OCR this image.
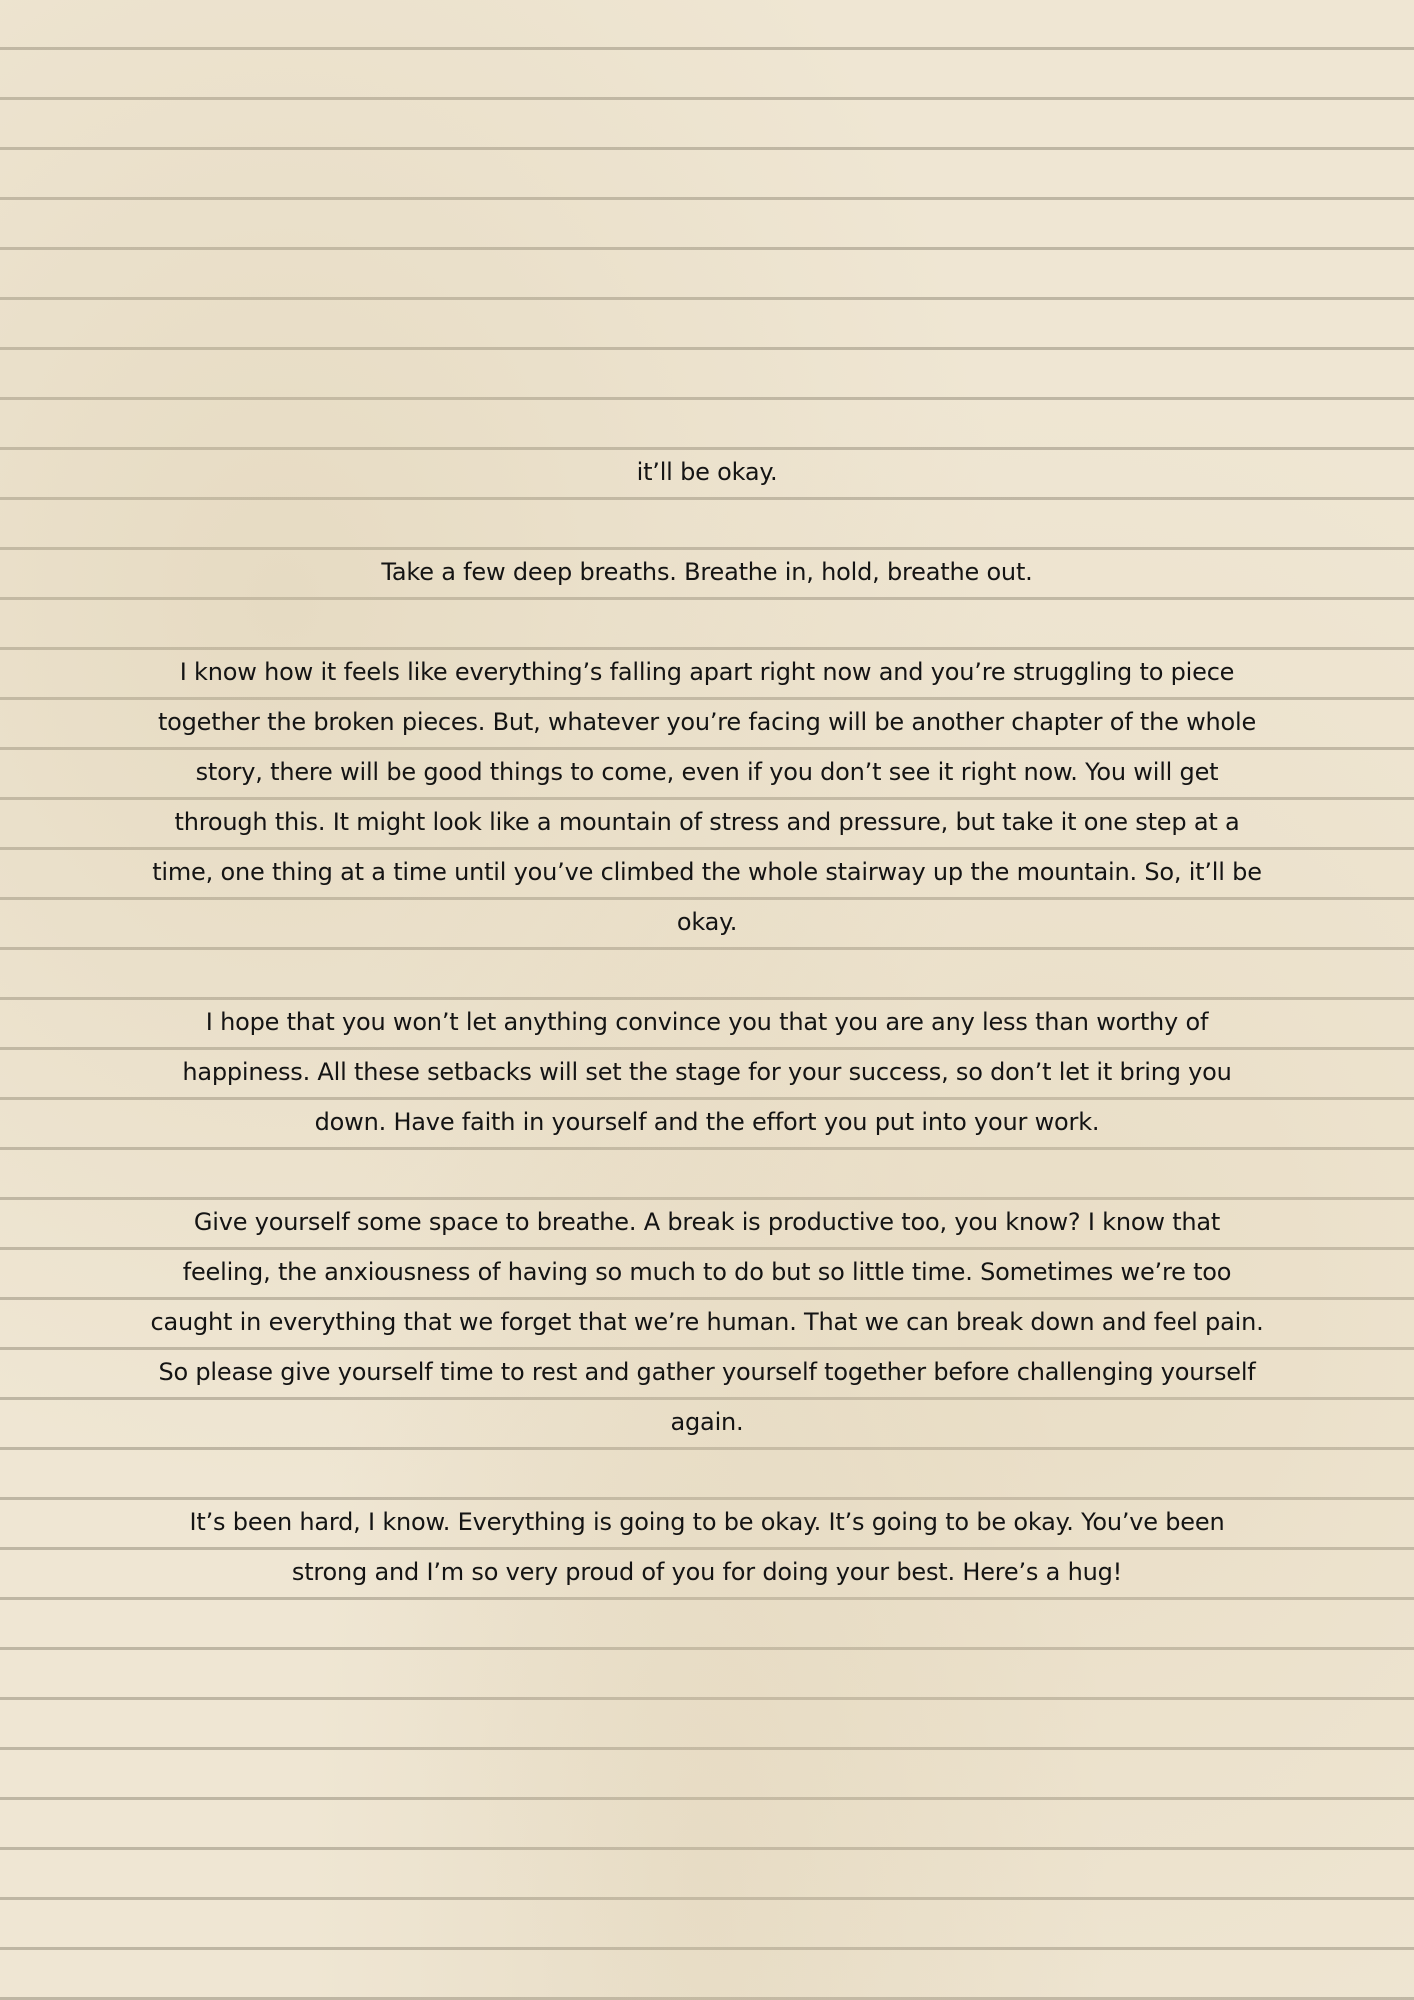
it’ll be okay.

Take a few deep breaths. Breathe in, hold, breathe out.

I know how it feels like everything’s falling apart right now and you’re struggling to piece together the broken pieces. But, whatever you’re facing will be another chapter of the whole story, there will be good things to come, even if you don’t see it right now. You will get through this. It might look like a mountain of stress and pressure, but take it one step at a time, one thing at a time until you’ve climbed the whole stairway up the mountain. So, it’ll be okay.

I hope that you won’t let anything convince you that you are any less than worthy of happiness. All these setbacks will set the stage for your success, so don’t let it bring you down. Have faith in yourself and the effort you put into your work.

Give yourself some space to breathe. A break is productive too, you know? I know that feeling, the anxiousness of having so much to do but so little time. Sometimes we’re too caught in everything that we forget that we’re human. That we can break down and feel pain. So please give yourself time to rest and gather yourself together before challenging yourself again.

It’s been hard, I know. Everything is going to be okay. It’s going to be okay. You’ve been strong and I’m so very proud of you for doing your best. Here’s a hug!
